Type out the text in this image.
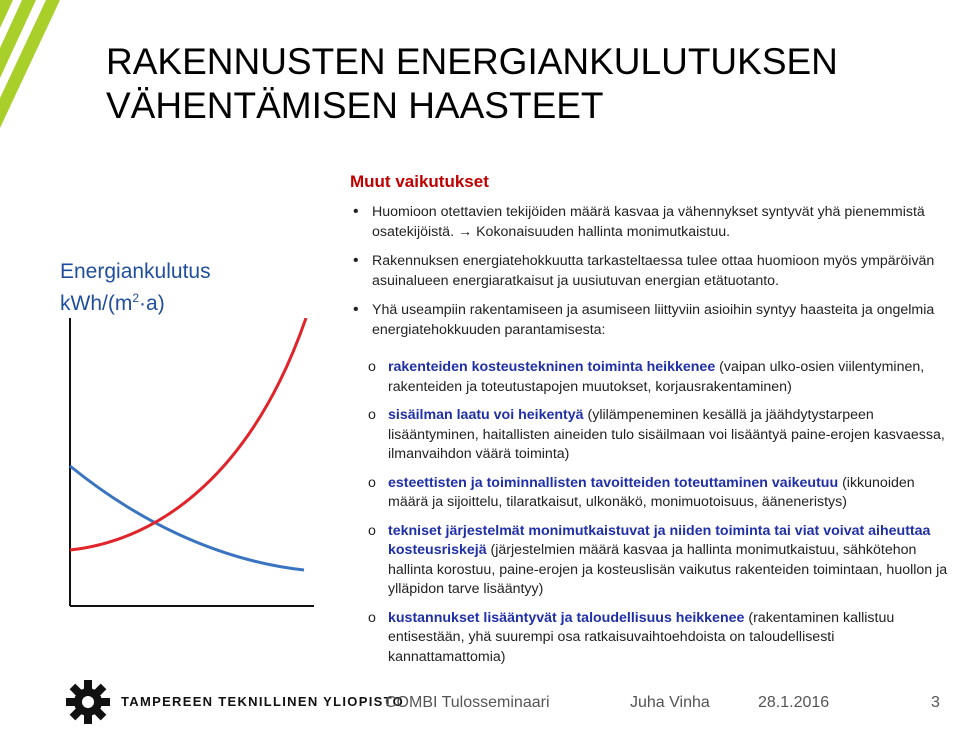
RAKENNUSTEN ENERGIANKULUTUKSEN
VÄHENTÄMISEN HAASTEET
Energiankulutus
kWh/$(m^2\cdot a)$
Muut vaikutukset

• Huomioon otettavien tekijöiden määrä kasvaa ja vähennykset syntyvät yhä pienemmistä osatekijöistä. → Kokonaisuuden hallinta monimutkaistuu.

• Rakennuksen energiatehokkuutta tarkasteltaessa tulee ottaa huomioon myös ympäröivän asuinalueen energiaratkaisut ja uusiutuvan energian etätuotanto.

• Yhä useampiin rakentamiseen ja asumiseen liittyviin asioihin syntyy haasteita ja ongelmia energiatehokkuuden parantamisesta:

o rakenteiden kosteustekninen toiminta heikkenee (vaipan ulko-osien viilentyminen, rakenteiden ja toteutustapojen muutokset, korjausrakentaminen)

o sisäilman laatu voi heikentyä (ylilämpeneminen kesällä ja jäähdytystarpeen lisääntyminen, haitallisten aineiden tulo sisäilmaan voi lisääntyä paine-erojen kasvaessa, ilmanvaihdon väärä toiminta)

o esteettisten ja toiminnallisten tavoitteiden toteuttaminen vaikeutuu (ikkunoiden määrä ja sijoittelu, tilaratkaisut, ulkonäkö, monimuotoisuus, ääneneristys)

o tekniset järjestelmät monimutkaistuvat ja niiden toiminta tai viat voivat aiheuttaa kosteusriskejä (järjestelmien määrä kasvaa ja hallinta monimutkaistuu, sähkötehon hallinta korostuu, paine-erojen ja kosteuslisän vaikutus rakenteiden toimintaan, huollon ja ylläpidon tarve lisääntyy)

o kustannukset lisääntyvät ja taloudellisuus heikkenee (rakentaminen kallistuu entisestään, yhä suurempi osa ratkaisuvaihtoehdoista on taloudellisesti kannattamattomia)

TAMPEREEN TEKNILLINEN YLIOPISTO
COMBI Tulosseminaari	Juha Vinha	28.1.2016	3
